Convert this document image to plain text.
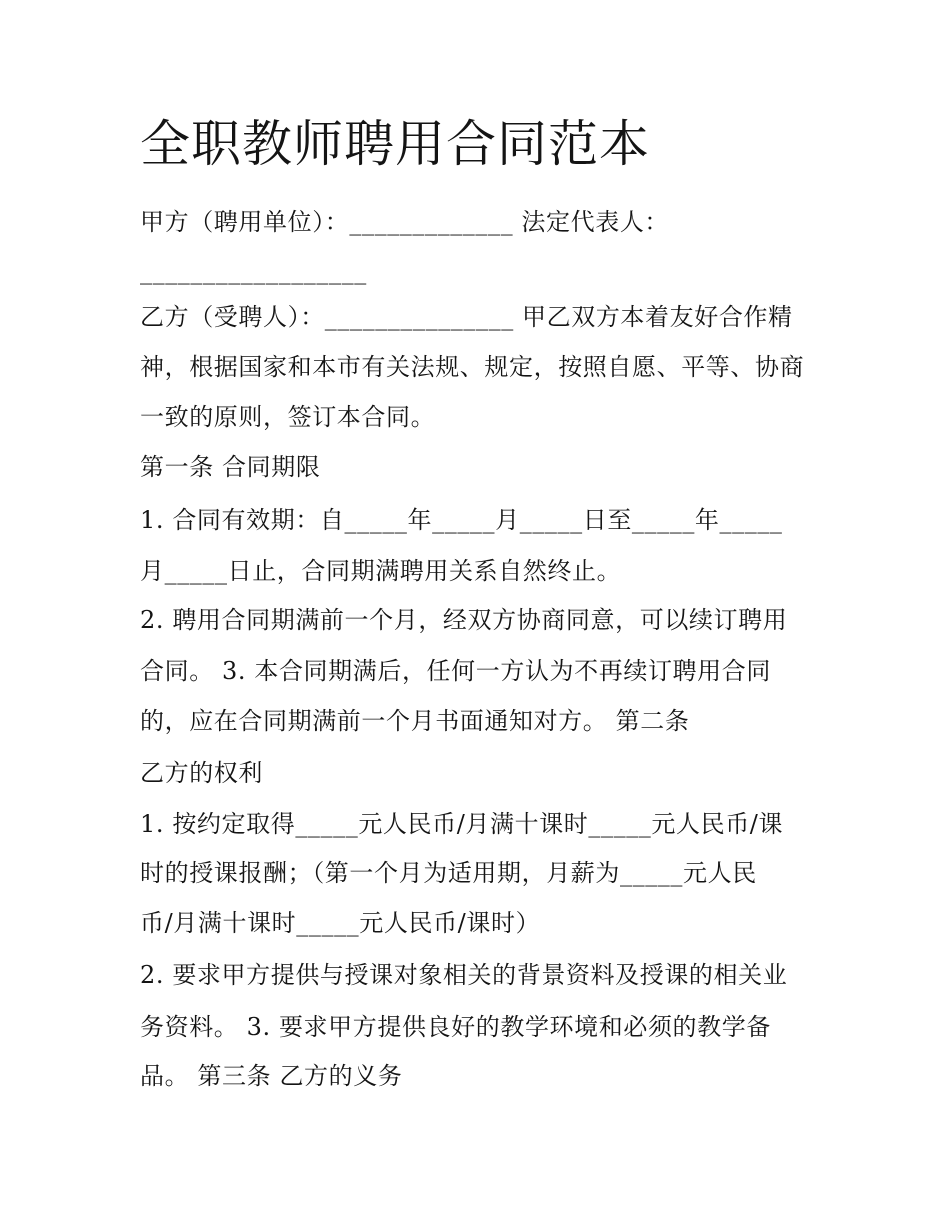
全职教师聘用合同范本
甲方（聘用单位）：_____________ 法定代表人：
__________________
乙方（受聘人）：_______________ 甲乙双方本着友好合作精
神，根据国家和本市有关法规、规定，按照自愿、平等、协商
一致的原则，签订本合同。
第一条 合同期限
1. 合同有效期：自_____年_____月_____日至_____年_____
月_____日止，合同期满聘用关系自然终止。
2. 聘用合同期满前一个月，经双方协商同意，可以续订聘用
合同。 3. 本合同期满后，任何一方认为不再续订聘用合同
的，应在合同期满前一个月书面通知对方。 第二条
乙方的权利
1. 按约定取得_____元人民币/月满十课时_____元人民币/课
时的授课报酬；（第一个月为适用期，月薪为_____元人民
币/月满十课时_____元人民币/课时）
2. 要求甲方提供与授课对象相关的背景资料及授课的相关业
务资料。 3. 要求甲方提供良好的教学环境和必须的教学备
品。 第三条 乙方的义务
